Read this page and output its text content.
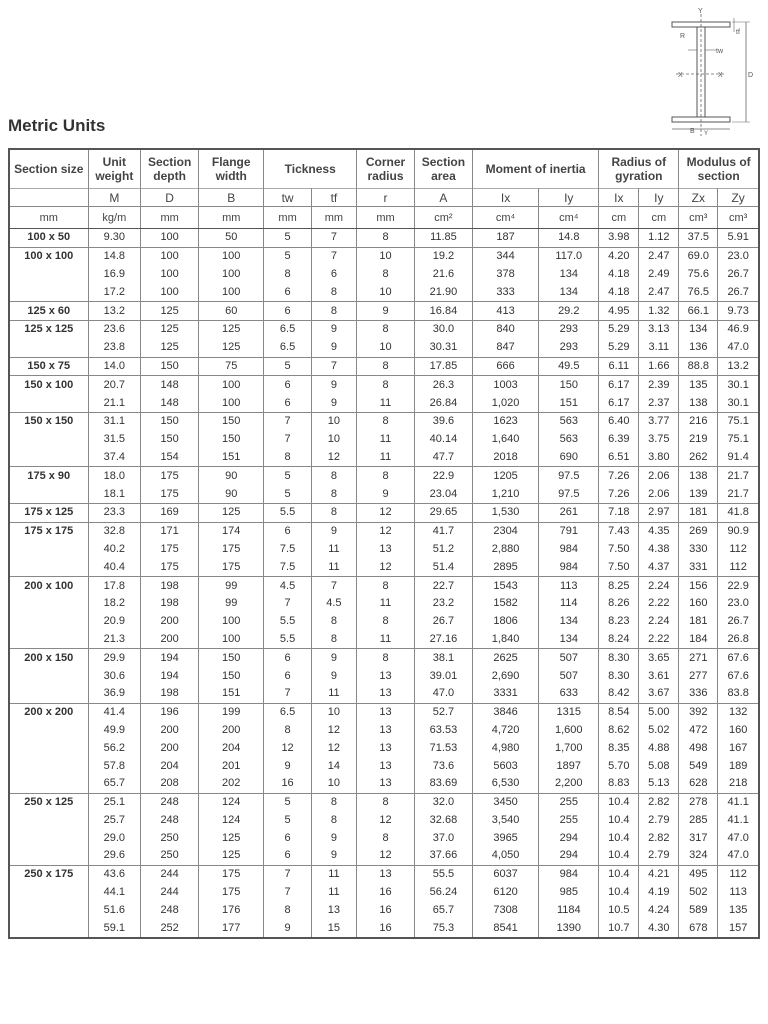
Metric Units
Y
R
tw
tf
X	X	D
B Y
Section size	Unit weight	Section depth	Flange width	Tickness		Corner radius	Section area	Moment of inertia		Radius of gyration		Modulus of section	
	M	D	B	tw	tf	r	A	Ix	Iy	Ix	Iy	Zx	Zy
mm	kg/m	mm	mm	mm	mm	mm	cm²	cm⁴	cm⁴	cm	cm	cm³	cm³
100 x 50	9.30	100	50	5	7	8	11.85	187	14.8	3.98	1.12	37.5	5.91
100 x 100	14.8	100	100	5	7	10	19.2	344	117.0	4.20	2.47	69.0	23.0
	16.9	100	100	8	6	8	21.6	378	134	4.18	2.49	75.6	26.7
	17.2	100	100	6	8	10	21.90	333	134	4.18	2.47	76.5	26.7
125 x 60	13.2	125	60	6	8	9	16.84	413	29.2	4.95	1.32	66.1	9.73
125 x 125	23.6	125	125	6.5	9	8	30.0	840	293	5.29	3.13	134	46.9
	23.8	125	125	6.5	9	10	30.31	847	293	5.29	3.11	136	47.0
150 x 75	14.0	150	75	5	7	8	17.85	666	49.5	6.11	1.66	88.8	13.2
150 x 100	20.7	148	100	6	9	8	26.3	1003	150	6.17	2.39	135	30.1
	21.1	148	100	6	9	11	26.84	1,020	151	6.17	2.37	138	30.1
150 x 150	31.1	150	150	7	10	8	39.6	1623	563	6.40	3.77	216	75.1
	31.5	150	150	7	10	11	40.14	1,640	563	6.39	3.75	219	75.1
	37.4	154	151	8	12	11	47.7	2018	690	6.51	3.80	262	91.4
175 x 90	18.0	175	90	5	8	8	22.9	1205	97.5	7.26	2.06	138	21.7
	18.1	175	90	5	8	9	23.04	1,210	97.5	7.26	2.06	139	21.7
175 x 125	23.3	169	125	5.5	8	12	29.65	1,530	261	7.18	2.97	181	41.8
175 x 175	32.8	171	174	6	9	12	41.7	2304	791	7.43	4.35	269	90.9
	40.2	175	175	7.5	11	13	51.2	2,880	984	7.50	4.38	330	112
	40.4	175	175	7.5	11	12	51.4	2895	984	7.50	4.37	331	112
200 x 100	17.8	198	99	4.5	7	8	22.7	1543	113	8.25	2.24	156	22.9
	18.2	198	99	7	4.5	11	23.2	1582	114	8.26	2.22	160	23.0
	20.9	200	100	5.5	8	8	26.7	1806	134	8.23	2.24	181	26.7
	21.3	200	100	5.5	8	11	27.16	1,840	134	8.24	2.22	184	26.8
200 x 150	29.9	194	150	6	9	8	38.1	2625	507	8.30	3.65	271	67.6
	30.6	194	150	6	9	13	39.01	2,690	507	8.30	3.61	277	67.6
	36.9	198	151	7	11	13	47.0	3331	633	8.42	3.67	336	83.8
200 x 200	41.4	196	199	6.5	10	13	52.7	3846	1315	8.54	5.00	392	132
	49.9	200	200	8	12	13	63.53	4,720	1,600	8.62	5.02	472	160
	56.2	200	204	12	12	13	71.53	4,980	1,700	8.35	4.88	498	167
	57.8	204	201	9	14	13	73.6	5603	1897	5.70	5.08	549	189
	65.7	208	202	16	10	13	83.69	6,530	2,200	8.83	5.13	628	218
250 x 125	25.1	248	124	5	8	8	32.0	3450	255	10.4	2.82	278	41.1
	25.7	248	124	5	8	12	32.68	3,540	255	10.4	2.79	285	41.1
	29.0	250	125	6	9	8	37.0	3965	294	10.4	2.82	317	47.0
	29.6	250	125	6	9	12	37.66	4,050	294	10.4	2.79	324	47.0
250 x 175	43.6	244	175	7	11	13	55.5	6037	984	10.4	4.21	495	112
	44.1	244	175	7	11	16	56.24	6120	985	10.4	4.19	502	113
	51.6	248	176	8	13	16	65.7	7308	1184	10.5	4.24	589	135
	59.1	252	177	9	15	16	75.3	8541	1390	10.7	4.30	678	157
